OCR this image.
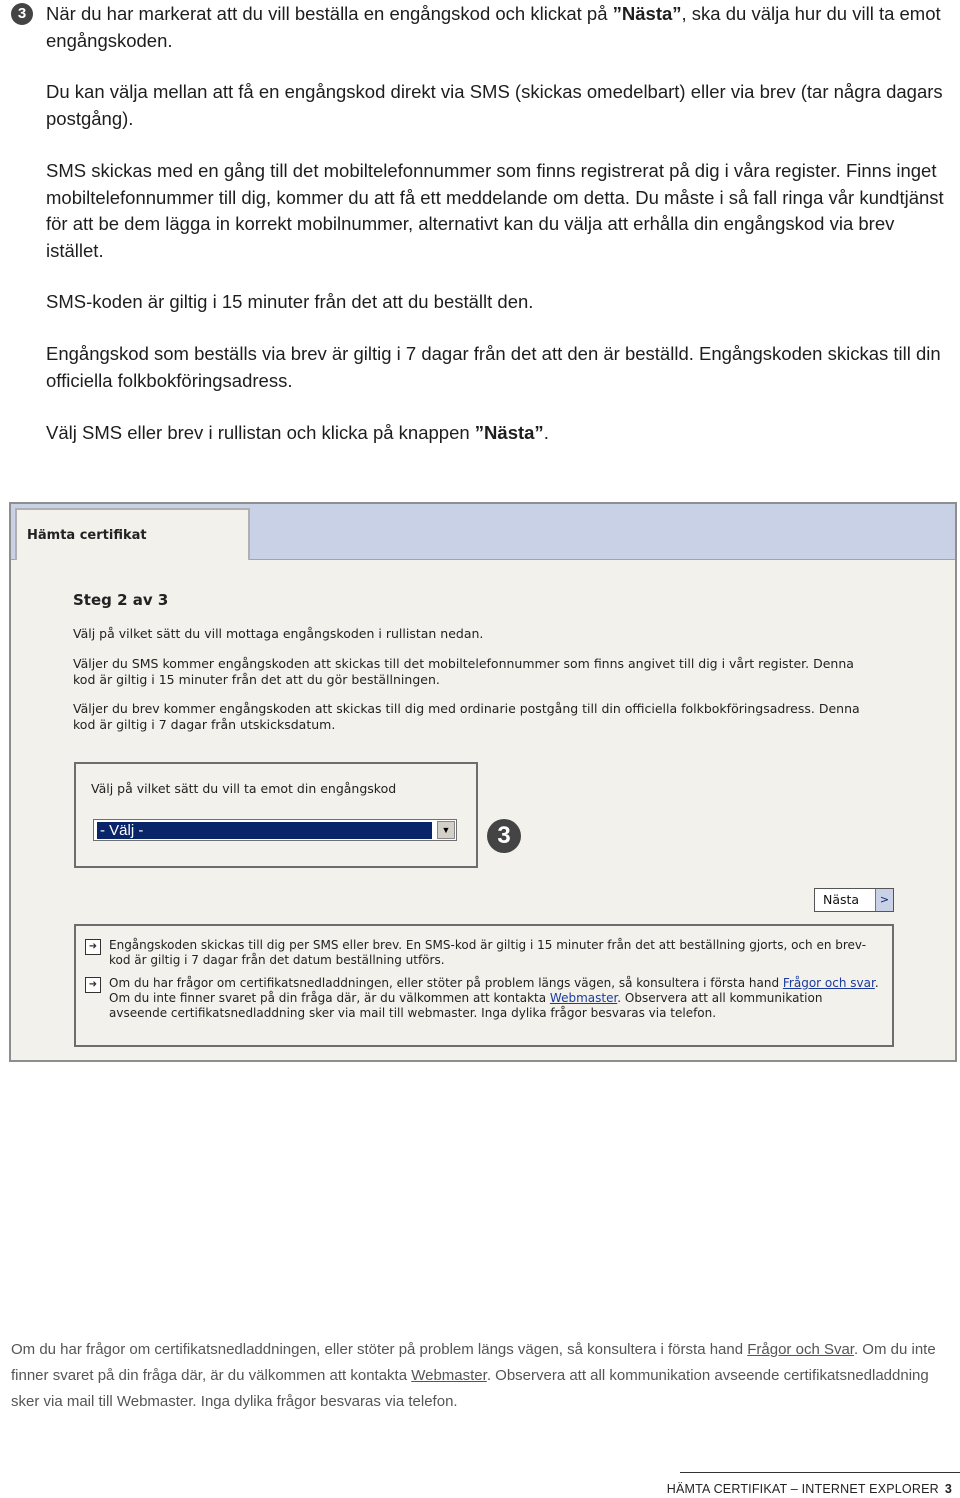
3	När du har markerat att du vill beställa en engångskod och klickat på ”Nästa”, ska du välja hur du vill ta emot engångskoden.

Du kan välja mellan att få en engångskod direkt via SMS (skickas omedelbart) eller via brev (tar några dagars postgång).

SMS skickas med en gång till det mobiltelefonnummer som finns registrerat på dig i våra register. Finns inget mobiltelefonnummer till dig, kommer du att få ett meddelande om detta. Du måste i så fall ringa vår kundtjänst för att be dem lägga in korrekt mobilnummer, alternativt kan du välja att erhålla din engångskod via brev istället.

SMS-koden är giltig i 15 minuter från det att du beställt den.

Engångskod som beställs via brev är giltig i 7 dagar från det att den är beställd. Engångskoden skickas till din officiella folkbokföringsadress.

Välj SMS eller brev i rullistan och klicka på knappen ”Nästa”.

Hämta certifikat
Steg 2 av 3
Välj på vilket sätt du vill mottaga engångskoden i rullistan nedan.
Väljer du SMS kommer engångskoden att skickas till det mobiltelefonnummer som finns angivet till dig i vårt register. Denna kod är giltig i 15 minuter från det att du gör beställningen.
Väljer du brev kommer engångskoden att skickas till dig med ordinarie postgång till din officiella folkbokföringsadress. Denna kod är giltig i 7 dagar från utskicksdatum.
Välj på vilket sätt du vill ta emot din engångskod
- Välj -	▼	3
Nästa	>
➜ Engångskoden skickas till dig per SMS eller brev. En SMS-kod är giltig i 15 minuter från det att beställning gjorts, och en brev-kod är giltig i 7 dagar från det datum beställning utförs.
➜ Om du har frågor om certifikatsnedladdningen, eller stöter på problem längs vägen, så konsultera i första hand Frågor och svar. Om du inte finner svaret på din fråga där, är du välkommen att kontakta Webmaster. Observera att all kommunikation avseende certifikatsnedladdning sker via mail till webmaster. Inga dylika frågor besvaras via telefon.

Om du har frågor om certifikatsnedladdningen, eller stöter på problem längs vägen, så konsultera i första hand Frågor och Svar. Om du inte finner svaret på din fråga där, är du välkommen att kontakta Webmaster. Observera att all kommunikation avseende certifikatsnedladdning sker via mail till Webmaster. Inga dylika frågor besvaras via telefon.

HÄMTA CERTIFIKAT – INTERNET EXPLORER 3
